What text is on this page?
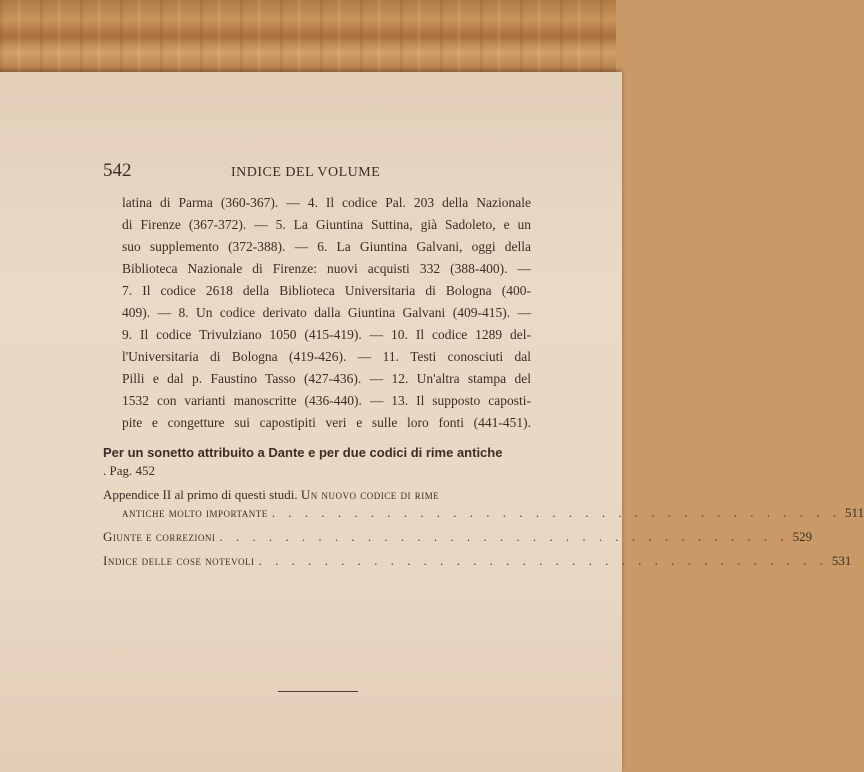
542	INDICE DEL VOLUME
latina di Parma (360-367). — 4. Il codice Pal. 203 della Nazionale
di Firenze (367-372). — 5. La Giuntina Suttina, già Sadoleto, e un
suo supplemento (372-388). — 6. La Giuntina Galvani, oggi della
Biblioteca Nazionale di Firenze: nuovi acquisti 332 (388-400). —
7. Il codice 2618 della Biblioteca Universitaria di Bologna (400-
409). — 8. Un codice derivato dalla Giuntina Galvani (409-415). —
9. Il codice Trivulziano 1050 (415-419). — 10. Il codice 1289 del-
l'Universitaria di Bologna (419-426). — 11. Testi conosciuti dal
Pilli e dal p. Faustino Tasso (427-436). — 12. Un'altra stampa del
1532 con varianti manoscritte (436-440). — 13. Il supposto caposti-
pite e congetture sui capostipiti veri e sulle loro fonti (441-451).
Per un sonetto attribuito a Dante e per due codici di rime antiche . Pag. 452
Appendice II al primo di questi studi. Un nuovo codice di rime
antiche molto importante . . . . . . . . . . . . . . . . . . . . . . . . . . . . . . . . . . . 511
Giunte e correzioni . . . . . . . . . . . . . . . . . . . . . . . . . . . . . . . . . . . 529
Indice delle cose notevoli . . . . . . . . . . . . . . . . . . . . . . . . . . . . . . . . . . . 531
